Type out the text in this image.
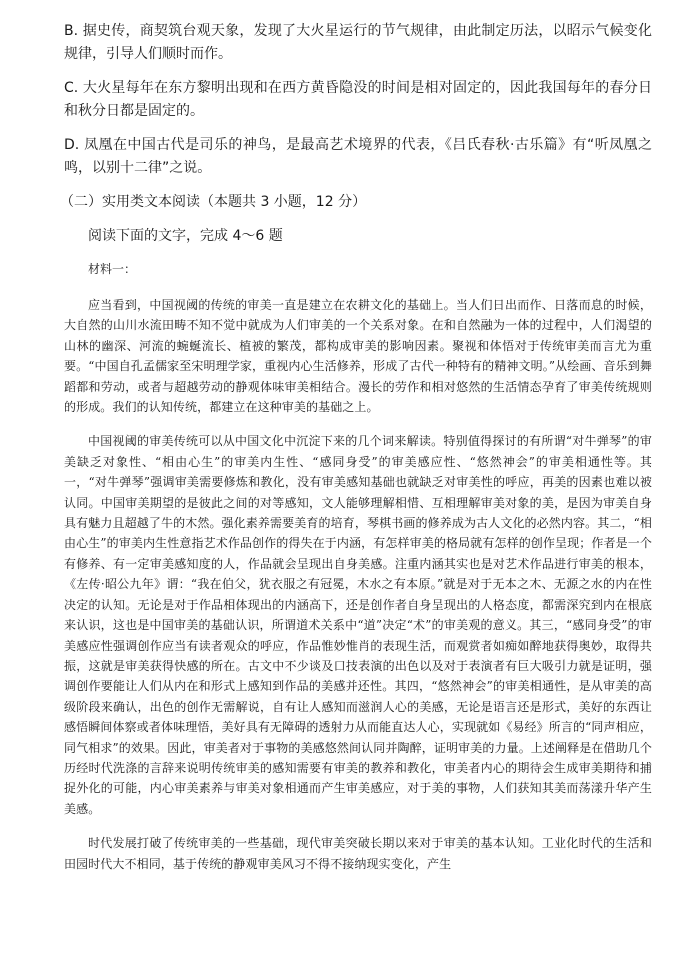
B. 据史传，商契筑台观天象，发现了大火星运行的节气规律，由此制定历法，以昭示气候变化规律，引导人们顺时而作。

C. 大火星每年在东方黎明出现和在西方黄昏隐没的时间是相对固定的，因此我国每年的春分日和秋分日都是固定的。

D. 凤凰在中国古代是司乐的神鸟，是最高艺术境界的代表，《吕氏春秋·古乐篇》有“听凤凰之鸣，以别十二律”之说。

（二）实用类文本阅读（本题共 3 小题，12 分）

阅读下面的文字，完成 4～6 题

材料一：

应当看到，中国视阈的传统的审美一直是建立在农耕文化的基础上。当人们日出而作、日落而息的时候，大自然的山川水流田畴不知不觉中就成为人们审美的一个关系对象。在和自然融为一体的过程中，人们渴望的山林的幽深、河流的蜿蜒流长、植被的繁茂，都构成审美的影响因素。聚视和体悟对于传统审美而言尤为重要。“中国自孔孟儒家至宋明理学家，重视内心生活修养，形成了古代一种特有的精神文明。”从绘画、音乐到舞蹈都和劳动，或者与超越劳动的静观体味审美相结合。漫长的劳作和相对悠然的生活情态孕育了审美传统规则的形成。我们的认知传统，都建立在这种审美的基础之上。

中国视阈的审美传统可以从中国文化中沉淀下来的几个词来解读。特别值得探讨的有所谓“对牛弹琴”的审美缺乏对象性、“相由心生”的审美内生性、“感同身受”的审美感应性、“悠然神会”的审美相通性等。其一，“对牛弹琴”强调审美需要修炼和教化，没有审美感知基础也就缺乏对审美性的呼应，再美的因素也难以被认同。中国审美期望的是彼此之间的对等感知，文人能够理解相惜、互相理解审美对象的美，是因为审美自身具有魅力且超越了牛的木然。强化素养需要美育的培育，琴棋书画的修养成为古人文化的必然内容。其二，“相由心生”的审美内生性意指艺术作品创作的得失在于内涵，有怎样审美的格局就有怎样的创作呈现；作者是一个有修养、有一定审美感知度的人，作品就会呈现出自身美感。注重内涵其实也是对艺术作品进行审美的根本，《左传·昭公九年》谓：“我在伯父，犹衣服之有冠冕，木水之有本原。”就是对于无本之木、无源之水的内在性决定的认知。无论是对于作品相体现出的内涵高下，还是创作者自身呈现出的人格态度，都需深究到内在根底来认识，这也是中国审美的基础认识，所谓道术关系中“道”决定“术”的审美观的意义。其三，“感同身受”的审美感应性强调创作应当有读者观众的呼应，作品惟妙惟肖的表现生活，而观赏者如痴如醉地获得奥妙，取得共振，这就是审美获得快感的所在。古文中不少谈及口技表演的出色以及对于表演者有巨大吸引力就是证明，强调创作要能让人们从内在和形式上感知到作品的美感并还性。其四，“悠然神会”的审美相通性，是从审美的高级阶段来确认，出色的创作无需解说，自有让人感知而滋润人心的美感，无论是语言还是形式，美好的东西让感悟瞬间体察或者体味理悟，美好具有无障碍的透射力从而能直达人心，实现就如《易经》所言的“同声相应，同气相求”的效果。因此，审美者对于事物的美感悠然间认同并陶醉，证明审美的力量。上述阐释是在借助几个历经时代洗涤的言辞来说明传统审美的感知需要有审美的教养和教化，审美者内心的期待会生成审美期待和捕捉外化的可能，内心审美素养与审美对象相通而产生审美感应，对于美的事物，人们获知其美而荡漾升华产生美感。

时代发展打破了传统审美的一些基础，现代审美突破长期以来对于审美的基本认知。工业化时代的生活和田园时代大不相同，基于传统的静观审美风习不得不接纳现实变化，产生
